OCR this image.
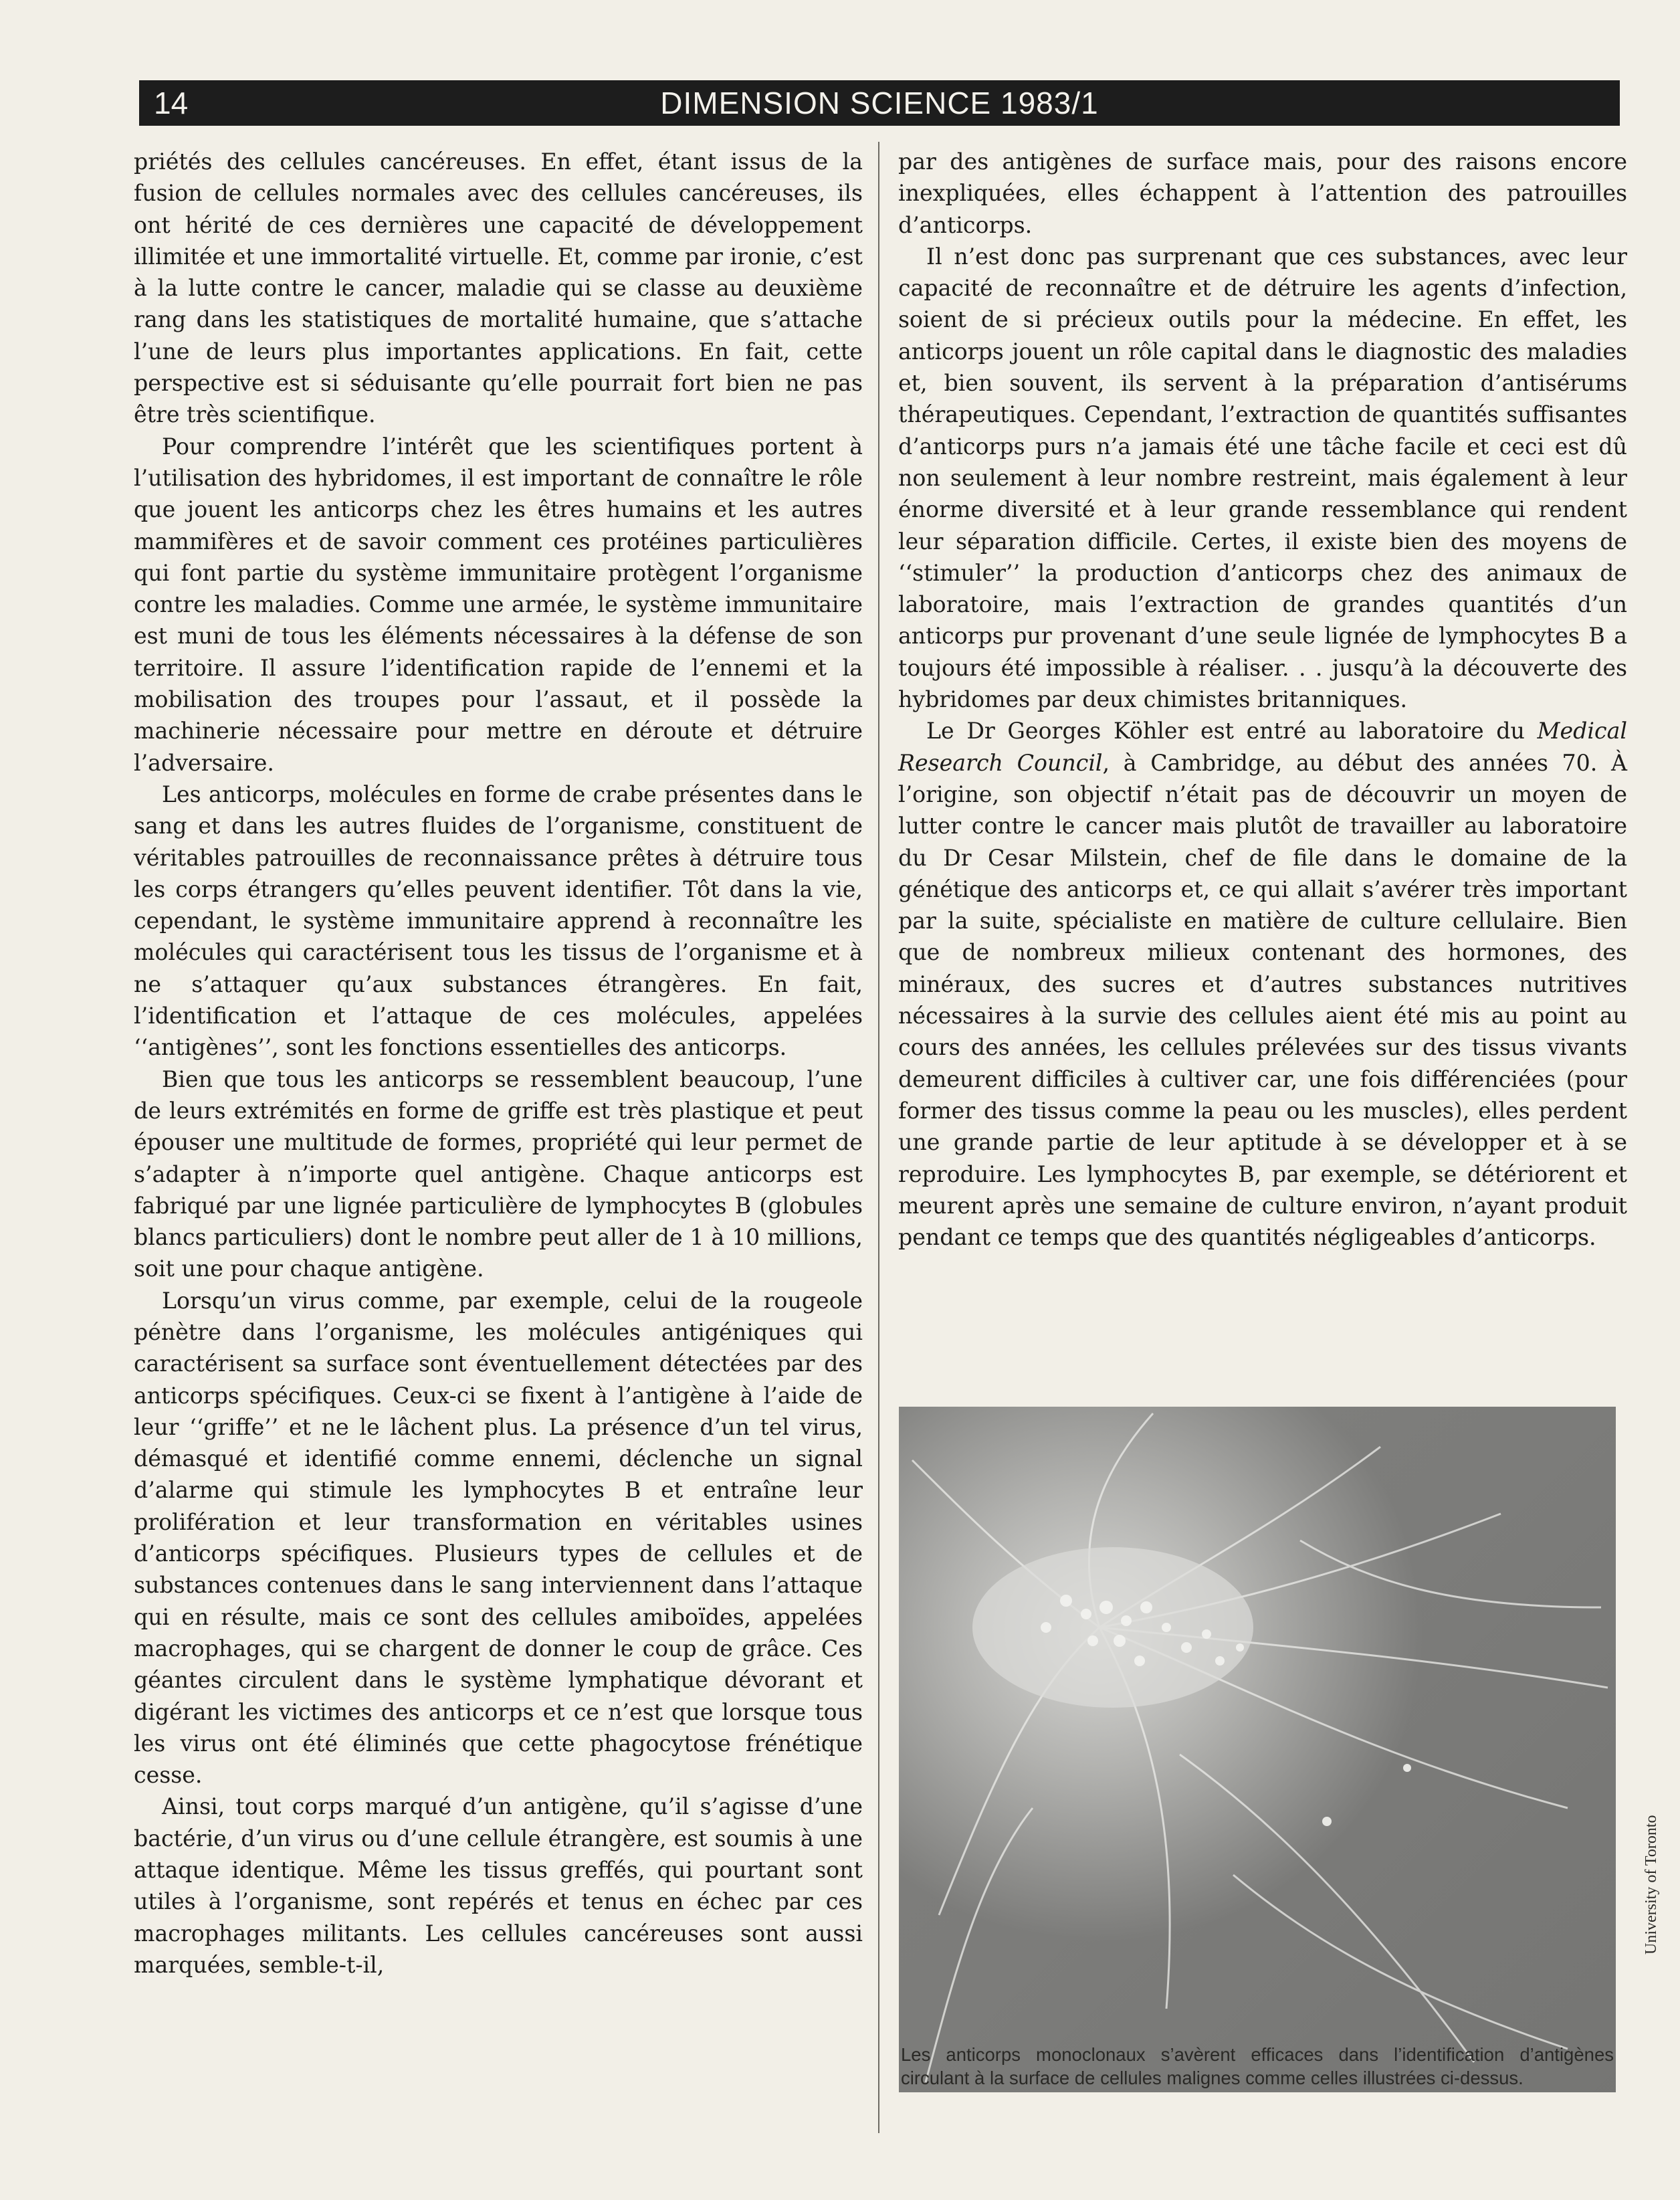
14	DIMENSION SCIENCE 1983/1

priétés des cellules cancéreuses. En effet, étant issus de la fusion de cellules normales avec des cellules cancéreuses, ils ont hérité de ces dernières une capacité de développement illimitée et une immortalité virtuelle. Et, comme par ironie, c’est à la lutte contre le cancer, maladie qui se classe au deuxième rang dans les statistiques de mortalité humaine, que s’attache l’une de leurs plus importantes applications. En fait, cette perspective est si séduisante qu’elle pourrait fort bien ne pas être très scientifique.

Pour comprendre l’intérêt que les scientifiques portent à l’utilisation des hybridomes, il est important de connaître le rôle que jouent les anticorps chez les êtres humains et les autres mammifères et de savoir comment ces protéines particulières qui font partie du système immunitaire protègent l’organisme contre les maladies. Comme une armée, le système immunitaire est muni de tous les éléments nécessaires à la défense de son territoire. Il assure l’identification rapide de l’ennemi et la mobilisation des troupes pour l’assaut, et il possède la machinerie nécessaire pour mettre en déroute et détruire l’adversaire.

Les anticorps, molécules en forme de crabe présentes dans le sang et dans les autres fluides de l’organisme, constituent de véritables patrouilles de reconnaissance prêtes à détruire tous les corps étrangers qu’elles peuvent identifier. Tôt dans la vie, cependant, le système immunitaire apprend à reconnaître les molécules qui caractérisent tous les tissus de l’organisme et à ne s’attaquer qu’aux substances étrangères. En fait, l’identification et l’attaque de ces molécules, appelées ‘‘antigènes’’, sont les fonctions essentielles des anticorps.

Bien que tous les anticorps se ressemblent beaucoup, l’une de leurs extrémités en forme de griffe est très plastique et peut épouser une multitude de formes, propriété qui leur permet de s’adapter à n’importe quel antigène. Chaque anticorps est fabriqué par une lignée particulière de lymphocytes B (globules blancs particuliers) dont le nombre peut aller de 1 à 10 millions, soit une pour chaque antigène.

Lorsqu’un virus comme, par exemple, celui de la rougeole pénètre dans l’organisme, les molécules antigéniques qui caractérisent sa surface sont éventuellement détectées par des anticorps spécifiques. Ceux-ci se fixent à l’antigène à l’aide de leur ‘‘griffe’’ et ne le lâchent plus. La présence d’un tel virus, démasqué et identifié comme ennemi, déclenche un signal d’alarme qui stimule les lymphocytes B et entraîne leur prolifération et leur transformation en véritables usines d’anticorps spécifiques. Plusieurs types de cellules et de substances contenues dans le sang interviennent dans l’attaque qui en résulte, mais ce sont des cellules amiboïdes, appelées macrophages, qui se chargent de donner le coup de grâce. Ces géantes circulent dans le système lymphatique dévorant et digérant les victimes des anticorps et ce n’est que lorsque tous les virus ont été éliminés que cette phagocytose frénétique cesse.

Ainsi, tout corps marqué d’un antigène, qu’il s’agisse d’une bactérie, d’un virus ou d’une cellule étrangère, est soumis à une attaque identique. Même les tissus greffés, qui pourtant sont utiles à l’organisme, sont repérés et tenus en échec par ces macrophages militants. Les cellules cancéreuses sont aussi marquées, semble-t-il,

par des antigènes de surface mais, pour des raisons encore inexpliquées, elles échappent à l’attention des patrouilles d’anticorps.

Il n’est donc pas surprenant que ces substances, avec leur capacité de reconnaître et de détruire les agents d’infection, soient de si précieux outils pour la médecine. En effet, les anticorps jouent un rôle capital dans le diagnostic des maladies et, bien souvent, ils servent à la préparation d’antisérums thérapeutiques. Cependant, l’extraction de quantités suffisantes d’anticorps purs n’a jamais été une tâche facile et ceci est dû non seulement à leur nombre restreint, mais également à leur énorme diversité et à leur grande ressemblance qui rendent leur séparation difficile. Certes, il existe bien des moyens de ‘‘stimuler’’ la production d’anticorps chez des animaux de laboratoire, mais l’extraction de grandes quantités d’un anticorps pur provenant d’une seule lignée de lymphocytes B a toujours été impossible à réaliser. . . jusqu’à la découverte des hybridomes par deux chimistes britanniques.

Le Dr Georges Köhler est entré au laboratoire du Medical Research Council, à Cambridge, au début des années 70. À l’origine, son objectif n’était pas de découvrir un moyen de lutter contre le cancer mais plutôt de travailler au laboratoire du Dr Cesar Milstein, chef de file dans le domaine de la génétique des anticorps et, ce qui allait s’avérer très important par la suite, spécialiste en matière de culture cellulaire. Bien que de nombreux milieux contenant des hormones, des minéraux, des sucres et d’autres substances nutritives nécessaires à la survie des cellules aient été mis au point au cours des années, les cellules prélevées sur des tissus vivants demeurent difficiles à cultiver car, une fois différenciées (pour former des tissus comme la peau ou les muscles), elles perdent une grande partie de leur aptitude à se développer et à se reproduire. Les lymphocytes B, par exemple, se détériorent et meurent après une semaine de culture environ, n’ayant produit pendant ce temps que des quantités négligeables d’anticorps.

Les anticorps monoclonaux s’avèrent efficaces dans l’identification d’antigènes circulant à la surface de cellules malignes comme celles illustrées ci-dessus.
University of Toronto
